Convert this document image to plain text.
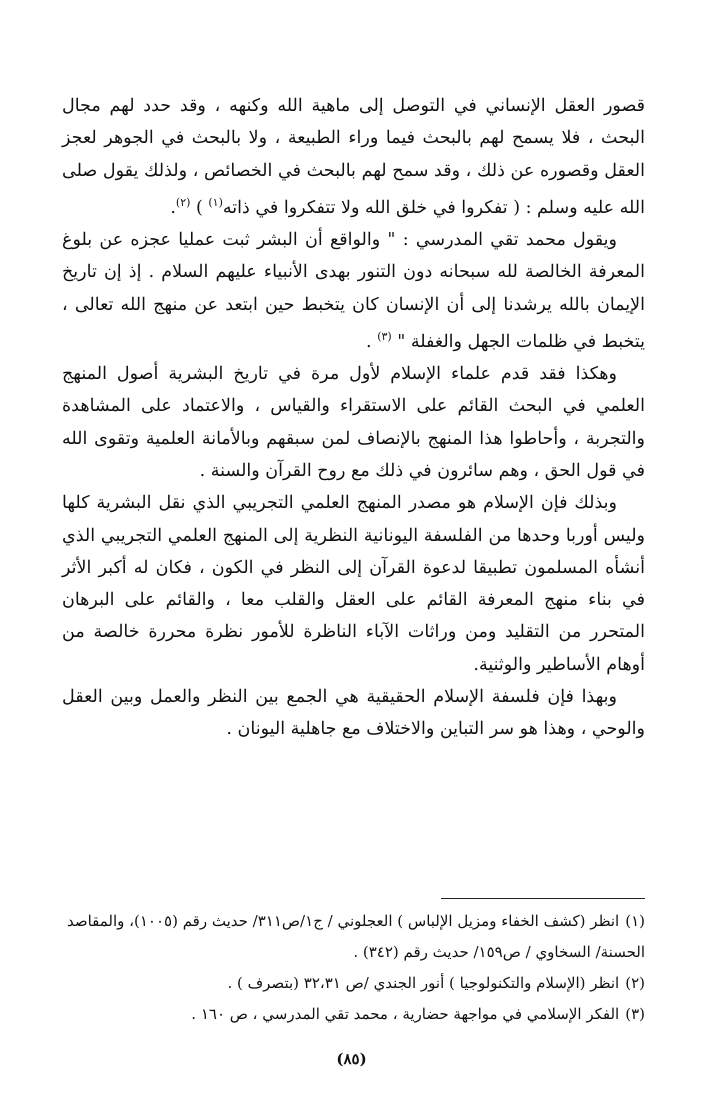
قصور العقل الإنساني في التوصل إلى ماهية الله وكنهه ، وقد حدد لهم مجال البحث ، فلا يسمح لهم بالبحث فيما وراء الطبيعة ، ولا بالبحث في الجوهر لعجز العقل وقصوره عن ذلك ، وقد سمح لهم بالبحث في الخصائص ، ولذلك يقول صلى الله عليه وسلم : ( تفكروا في خلق الله ولا تتفكروا في ذاته$^{(١)}$ ) $^{(٢)}$.

ويقول محمد تقي المدرسي : " والواقع أن البشر ثبت عمليا عجزه عن بلوغ المعرفة الخالصة لله سبحانه دون التنور بهدى الأنبياء عليهم السلام . إذ إن تاريخ الإيمان بالله يرشدنا إلى أن الإنسان كان يتخبط حين ابتعد عن منهج الله تعالى ، يتخبط في ظلمات الجهل والغفلة " $^{(٣)}$ .

وهكذا فقد قدم علماء الإسلام لأول مرة في تاريخ البشرية أصول المنهج العلمي في البحث القائم على الاستقراء والقياس ، والاعتماد على المشاهدة والتجربة ، وأحاطوا هذا المنهج بالإنصاف لمن سبقهم وبالأمانة العلمية وتقوى الله في قول الحق ، وهم سائرون في ذلك مع روح القرآن والسنة .

وبذلك فإن الإسلام هو مصدر المنهج العلمي التجريبي الذي نقل البشرية كلها وليس أوربا وحدها من الفلسفة اليونانية النظرية إلى المنهج العلمي التجريبي الذي أنشأه المسلمون تطبيقا لدعوة القرآن إلى النظر في الكون ، فكان له أكبر الأثر في بناء منهج المعرفة القائم على العقل والقلب معا ، والقائم على البرهان المتحرر من التقليد ومن وراثات الآباء الناظرة للأمور نظرة محررة خالصة من أوهام الأساطير والوثنية.

وبهذا فإن فلسفة الإسلام الحقيقية هي الجمع بين النظر والعمل وبين العقل والوحي ، وهذا هو سر التباين والاختلاف مع جاهلية اليونان .

(١)انظر (كشف الخفاء ومزيل الإلباس ) العجلوني / ج١/ص٣١١/ حديث رقم (١٠٠٥)، والمقاصد الحسنة/ السخاوي / ص١٥٩/ حديث رقم (٣٤٢) .

(٢)انظر (الإسلام والتكنولوجيا ) أنور الجندي /ص ٣٢،٣١ (بتصرف ) .

(٣)الفكر الإسلامي في مواجهة حضارية ، محمد تقي المدرسي ، ص ١٦٠ .

(٨٥)
